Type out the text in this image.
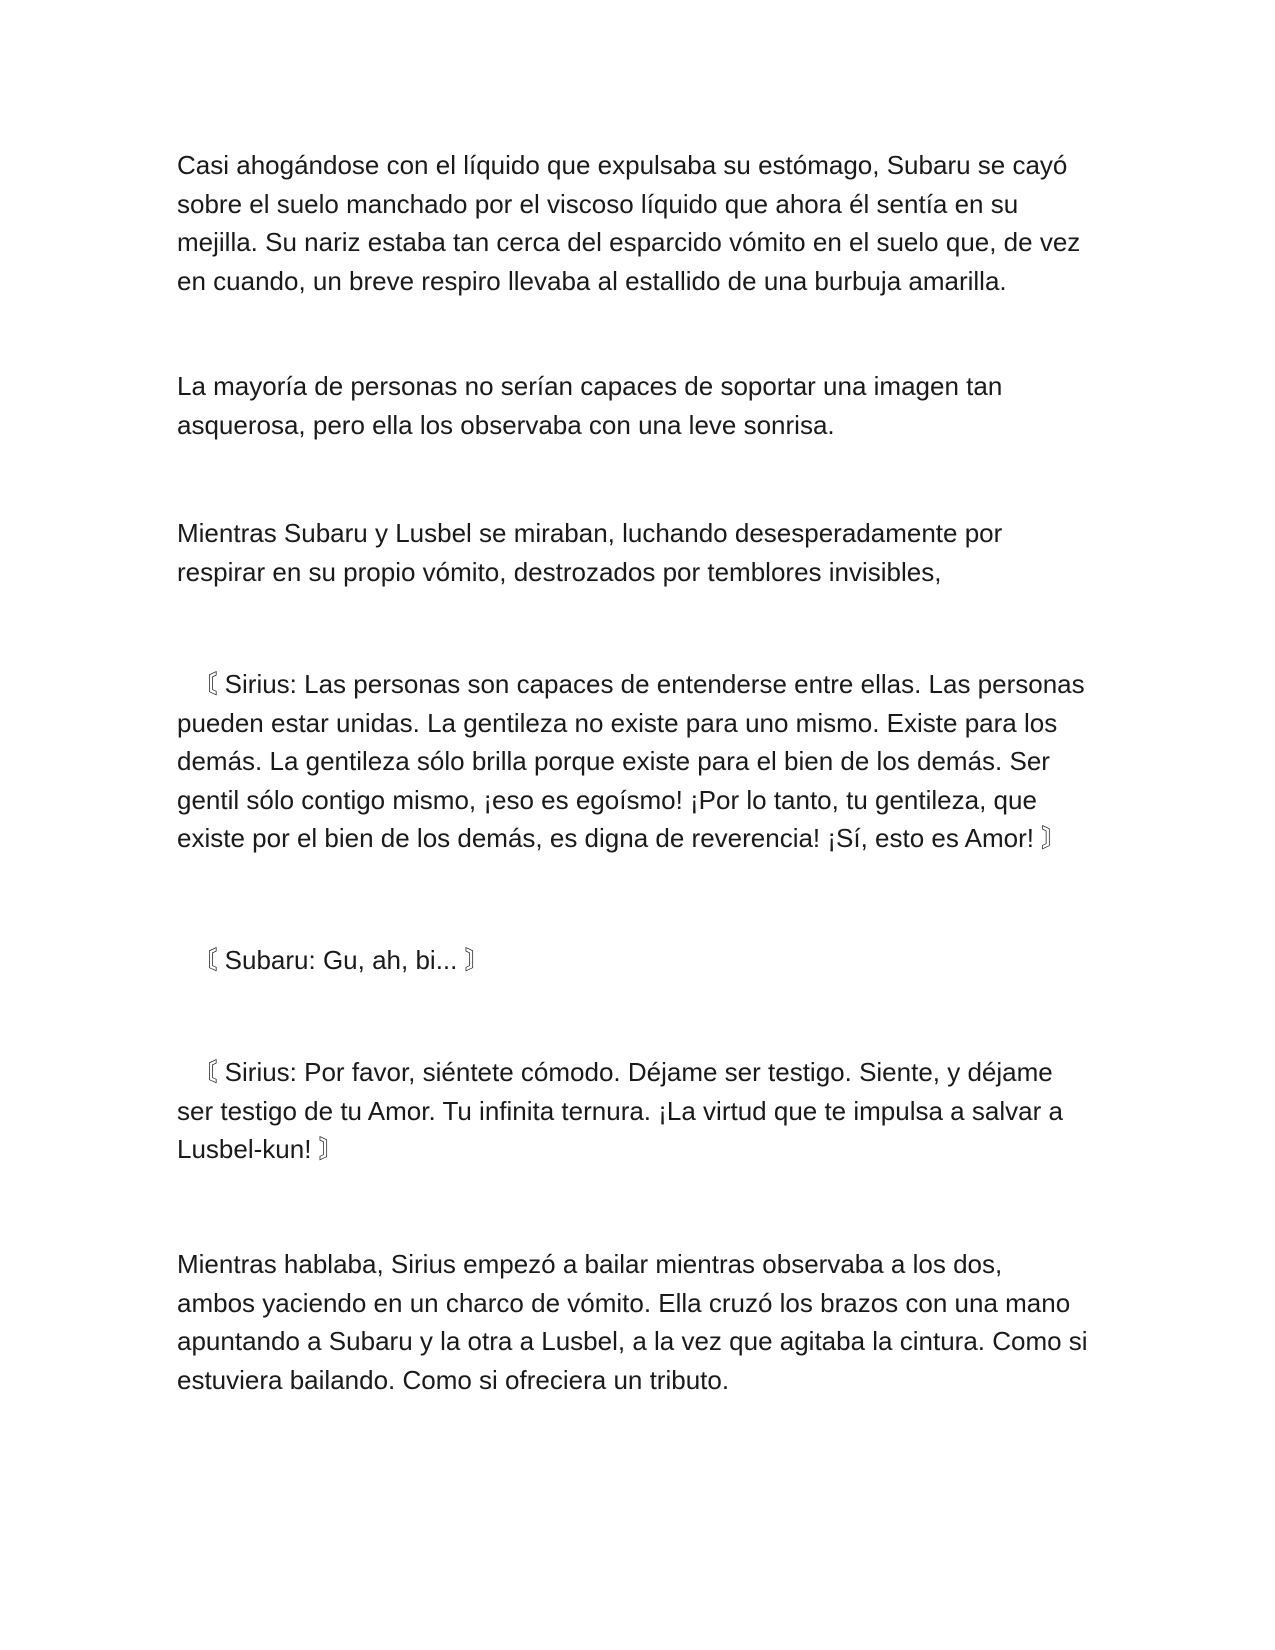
Casi ahogándose con el líquido que expulsaba su estómago, Subaru se cayó
sobre el suelo manchado por el viscoso líquido que ahora él sentía en su
mejilla. Su nariz estaba tan cerca del esparcido vómito en el suelo que, de vez
en cuando, un breve respiro llevaba al estallido de una burbuja amarilla.

La mayoría de personas no serían capaces de soportar una imagen tan
asquerosa, pero ella los observaba con una leve sonrisa.

Mientras Subaru y Lusbel se miraban, luchando desesperadamente por
respirar en su propio vómito, destrozados por temblores invisibles,

〘 Sirius: Las personas son capaces de entenderse entre ellas. Las personas
pueden estar unidas. La gentileza no existe para uno mismo. Existe para los
demás. La gentileza sólo brilla porque existe para el bien de los demás. Ser
gentil sólo contigo mismo, ¡eso es egoísmo! ¡Por lo tanto, tu gentileza, que
existe por el bien de los demás, es digna de reverencia! ¡Sí, esto es Amor! 〙

〘 Subaru: Gu, ah, bi... 〙

〘 Sirius: Por favor, siéntete cómodo. Déjame ser testigo. Siente, y déjame
ser testigo de tu Amor. Tu infinita ternura. ¡La virtud que te impulsa a salvar a
Lusbel-kun! 〙

Mientras hablaba, Sirius empezó a bailar mientras observaba a los dos,
ambos yaciendo en un charco de vómito. Ella cruzó los brazos con una mano
apuntando a Subaru y la otra a Lusbel, a la vez que agitaba la cintura. Como si
estuviera bailando. Como si ofreciera un tributo.
